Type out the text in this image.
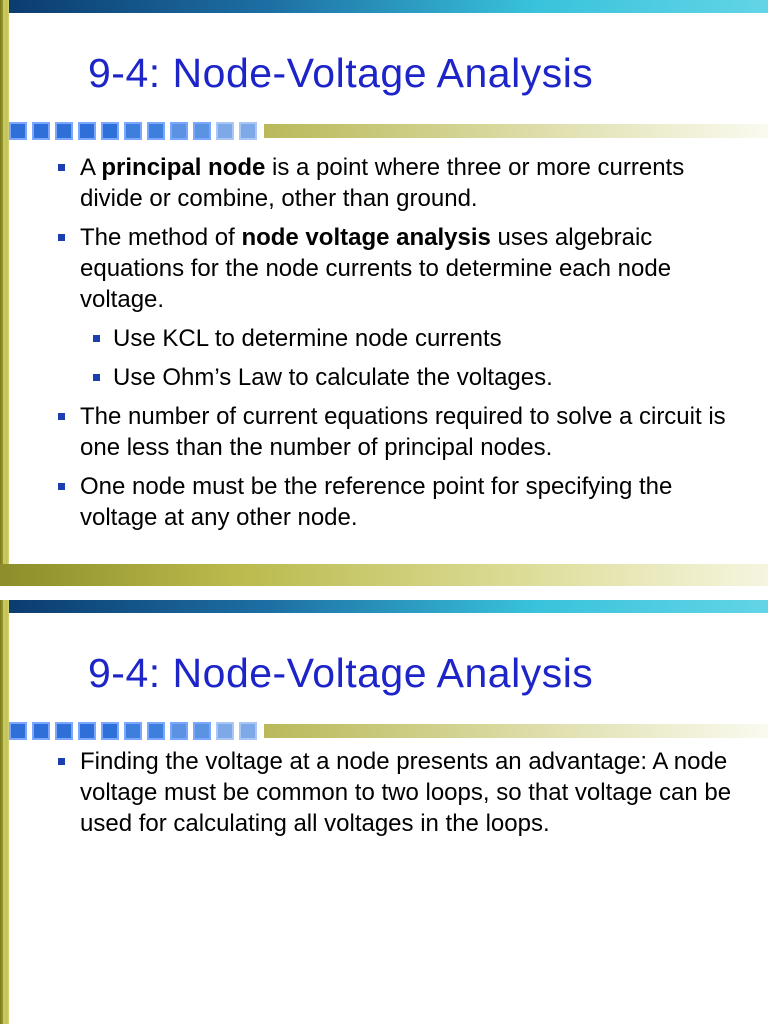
9-4: Node-Voltage Analysis
A principal node is a point where three or more currents divide or combine, other than ground.
The method of node voltage analysis uses algebraic equations for the node currents to determine each node voltage.
Use KCL to determine node currents
Use Ohm’s Law to calculate the voltages.
The number of current equations required to solve a circuit is one less than the number of principal nodes.
One node must be the reference point for specifying the voltage at any other node.
9-4: Node-Voltage Analysis
Finding the voltage at a node presents an advantage: A node voltage must be common to two loops, so that voltage can be used for calculating all voltages in the loops.
